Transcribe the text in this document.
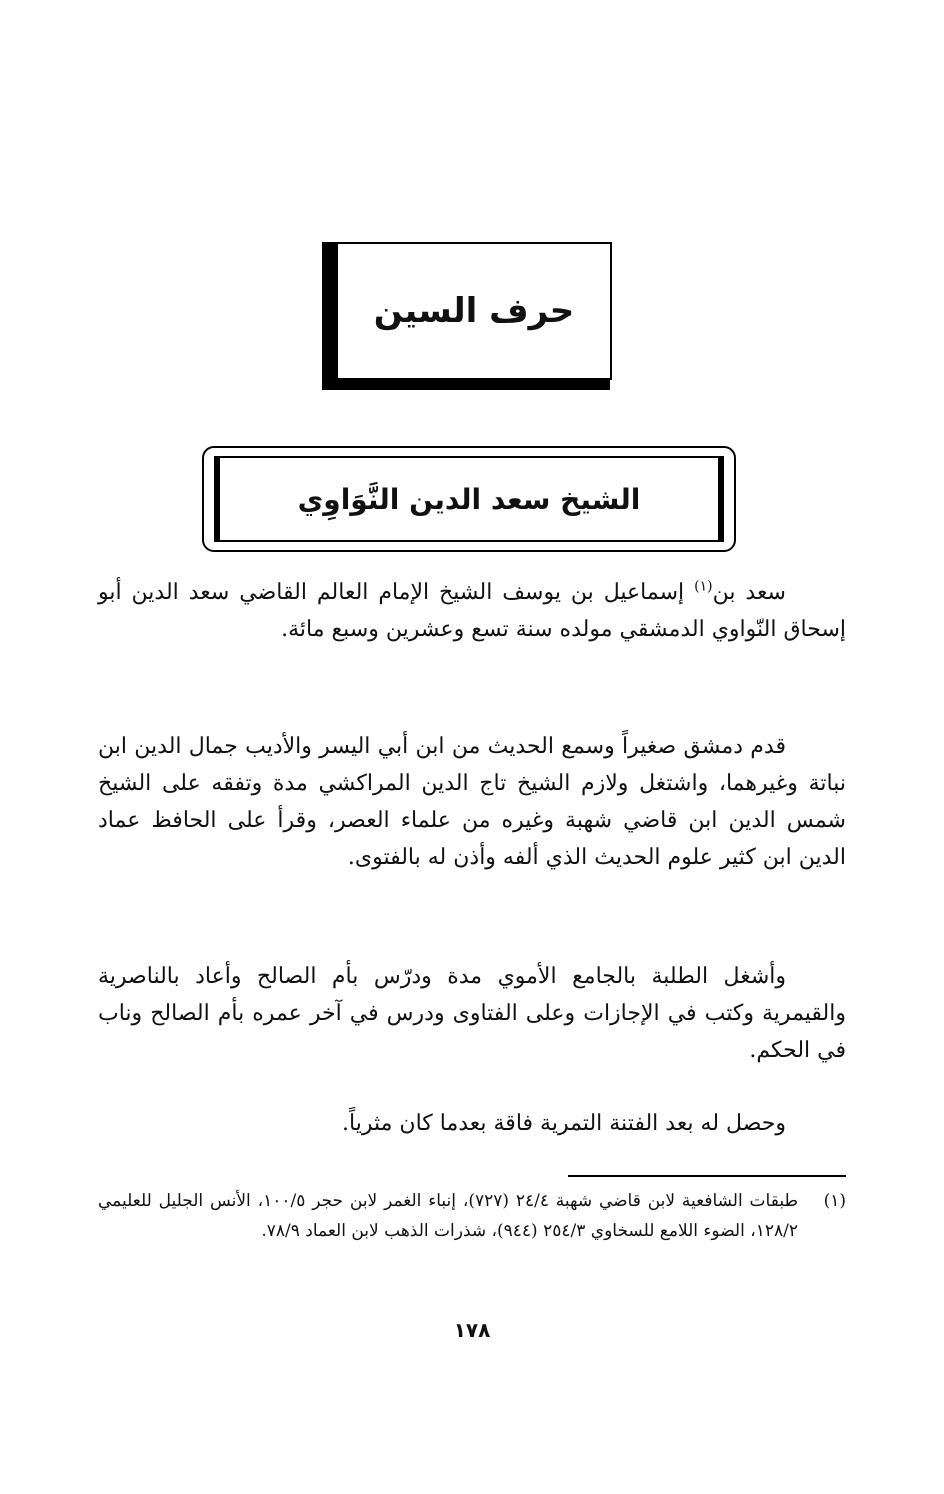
حرف السين
الشيخ سعد الدين النَّوَاوِي
سعد بن$^{(١)}$ إسماعيل بن يوسف الشيخ الإمام العالم القاضي سعد الدين أبو إسحاق النّواوي الدمشقي مولده سنة تسع وعشرين وسبع مائة.
قدم دمشق صغيراً وسمع الحديث من ابن أبي اليسر والأديب جمال الدين ابن نباتة وغيرهما، واشتغل ولازم الشيخ تاج الدين المراكشي مدة وتفقه على الشيخ شمس الدين ابن قاضي شهبة وغيره من علماء العصر، وقرأ على الحافظ عماد الدين ابن كثير علوم الحديث الذي ألفه وأذن له بالفتوى.
وأشغل الطلبة بالجامع الأموي مدة ودرّس بأم الصالح وأعاد بالناصرية والقيمرية وكتب في الإجازات وعلى الفتاوى ودرس في آخر عمره بأم الصالح وناب في الحكم.
وحصل له بعد الفتنة التمرية فاقة بعدما كان مثرياً.
(١)
طبقات الشافعية لابن قاضي شهبة ٢٤/٤ (٧٢٧)، إنباء الغمر لابن حجر ١٠٠/٥، الأنس الجليل للعليمي ١٢٨/٢، الضوء اللامع للسخاوي ٢٥٤/٣ (٩٤٤)، شذرات الذهب لابن العماد ٧٨/٩.
١٧٨
